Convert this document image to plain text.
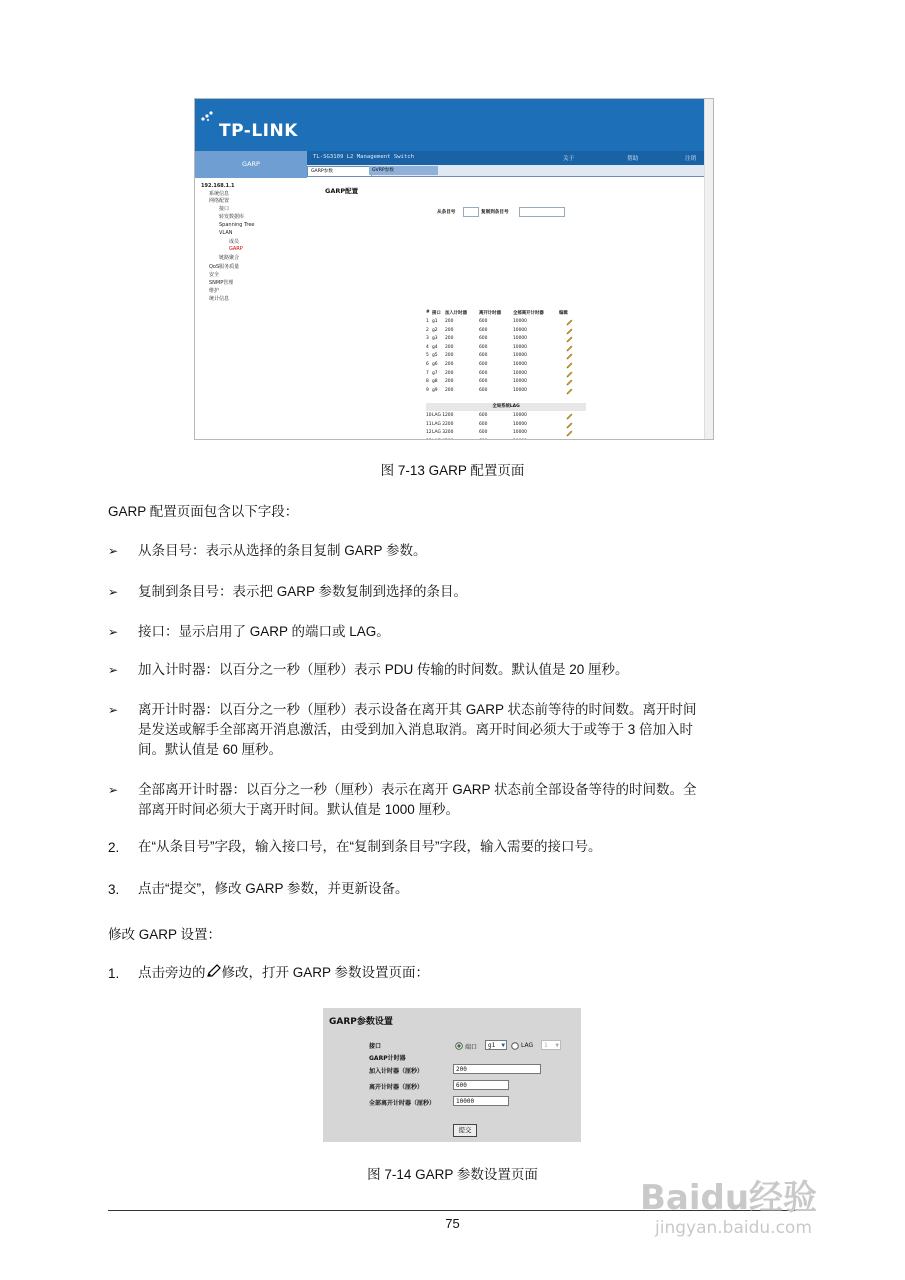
TP-LINK
GARP
TL-SG3109 L2 Management Switch	关于	帮助	注销
GARP参数	GVRP参数
192.168.1.1
系统信息
网络配置
接口
转发数据库
Spanning Tree
VLAN
成员
GARP
链路聚合
QoS服务质量
安全
SNMP管理
维护
统计信息
GARP配置
从条目号	复制到条目号
# 接口 加入计时器	离开计时器	全部离开计时器	编辑
1 g1 200	600	10000
2 g2 200	600	10000
3 g3 200	600	10000
4 g4 200	600	10000
5 g5 200	600	10000
6 g6 200	600	10000
7 g7 200	600	10000
8 g8 200	600	10000
9 g9 200	600	10000
全局系统LAG
10 LAG 1 200	600	10000
11 LAG 2 200	600	10000
12 LAG 3 200	600	10000
图 7-13 GARP 配置页面
GARP 配置页面包含以下字段：
➢ 从条目号：表示从选择的条目复制 GARP 参数。
➢ 复制到条目号：表示把 GARP 参数复制到选择的条目。
➢ 接口：显示启用了 GARP 的端口或 LAG。
➢ 加入计时器：以百分之一秒（厘秒）表示 PDU 传输的时间数。默认值是 20 厘秒。
➢ 离开计时器：以百分之一秒（厘秒）表示设备在离开其 GARP 状态前等待的时间数。离开时间
是发送或解手全部离开消息激活，由受到加入消息取消。离开时间必须大于或等于 3 倍加入时
间。默认值是 60 厘秒。
➢ 全部离开计时器：以百分之一秒（厘秒）表示在离开 GARP 状态前全部设备等待的时间数。全
部离开时间必须大于离开时间。默认值是 1000 厘秒。
2. 在“从条目号”字段，输入接口号，在“复制到条目号”字段，输入需要的接口号。
3. 点击“提交”，修改 GARP 参数，并更新设备。
修改 GARP 设置：
1. 点击旁边的 修改，打开 GARP 参数设置页面：
GARP参数设置
接口	端口	g1 ▼	LAG	1 ▼
GARP计时器
加入计时器（厘秒）	200
离开计时器（厘秒）	600
全部离开计时器（厘秒）	10000
提交
图 7-14 GARP 参数设置页面
75
Baidu经验
jingyan.baidu.com
